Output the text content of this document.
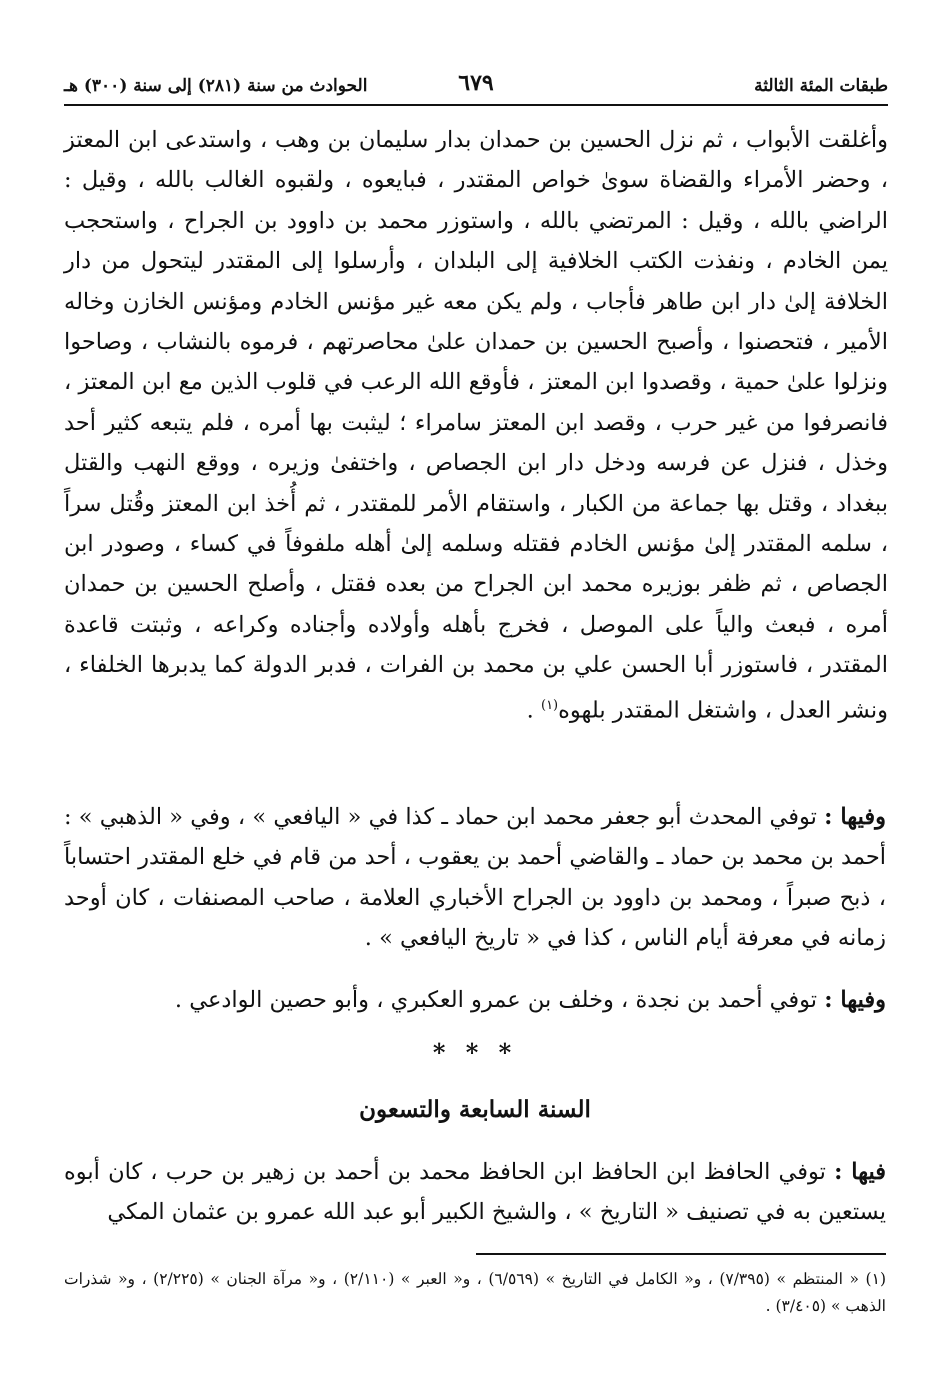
طبقات المئة الثالثة
٦٧٩
الحوادث من سنة (٢٨١) إلى سنة (٣٠٠) هـ

وأغلقت الأبواب ، ثم نزل الحسين بن حمدان بدار سليمان بن وهب ، واستدعى ابن المعتز ، وحضر الأمراء والقضاة سوىٰ خواص المقتدر ، فبايعوه ، ولقبوه الغالب بالله ، وقيل : الراضي بالله ، وقيل : المرتضي بالله ، واستوزر محمد بن داوود بن الجراح ، واستحجب يمن الخادم ، ونفذت الكتب الخلافية إلى البلدان ، وأرسلوا إلى المقتدر ليتحول من دار الخلافة إلىٰ دار ابن طاهر فأجاب ، ولم يكن معه غير مؤنس الخادم ومؤنس الخازن وخاله الأمير ، فتحصنوا ، وأصبح الحسين بن حمدان علىٰ محاصرتهم ، فرموه بالنشاب ، وصاحوا ونزلوا علىٰ حمية ، وقصدوا ابن المعتز ، فأوقع الله الرعب في قلوب الذين مع ابن المعتز ، فانصرفوا من غير حرب ، وقصد ابن المعتز سامراء ؛ ليثبت بها أمره ، فلم يتبعه كثير أحد وخذل ، فنزل عن فرسه ودخل دار ابن الجصاص ، واختفىٰ وزيره ، ووقع النهب والقتل ببغداد ، وقتل بها جماعة من الكبار ، واستقام الأمر للمقتدر ، ثم أُخذ ابن المعتز وقُتل سراً ، سلمه المقتدر إلىٰ مؤنس الخادم فقتله وسلمه إلىٰ أهله ملفوفاً في كساء ، وصودر ابن الجصاص ، ثم ظفر بوزيره محمد ابن الجراح من بعده فقتل ، وأصلح الحسين بن حمدان أمره ، فبعث والياً على الموصل ، فخرج بأهله وأولاده وأجناده وكراعه ، وثبتت قاعدة المقتدر ، فاستوزر أبا الحسن علي بن محمد بن الفرات ، فدبر الدولة كما يدبرها الخلفاء ، ونشر العدل ، واشتغل المقتدر بلهوه$^{(١)}$ .

وفيها : توفي المحدث أبو جعفر محمد ابن حماد ـ كذا في « اليافعي » ، وفي « الذهبي » : أحمد بن محمد بن حماد ـ والقاضي أحمد بن يعقوب ، أحد من قام في خلع المقتدر احتساباً ، ذبح صبراً ، ومحمد بن داوود بن الجراح الأخباري العلامة ، صاحب المصنفات ، كان أوحد زمانه في معرفة أيام الناس ، كذا في « تاريخ اليافعي » .
وفيها : توفي أحمد بن نجدة ، وخلف بن عمرو العكبري ، وأبو حصين الوادعي .
* * *
السنة السابعة والتسعون
فيها : توفي الحافظ ابن الحافظ ابن الحافظ محمد بن أحمد بن زهير بن حرب ، كان أبوه يستعين به في تصنيف « التاريخ » ، والشيخ الكبير أبو عبد الله عمرو بن عثمان المكي
(١) « المنتظم » (٧/٣٩٥) ، و« الكامل في التاريخ » (٦/٥٦٩) ، و« العبر » (٢/١١٠) ، و« مرآة الجنان » (٢/٢٢٥) ، و« شذرات الذهب » (٣/٤٠٥) .
